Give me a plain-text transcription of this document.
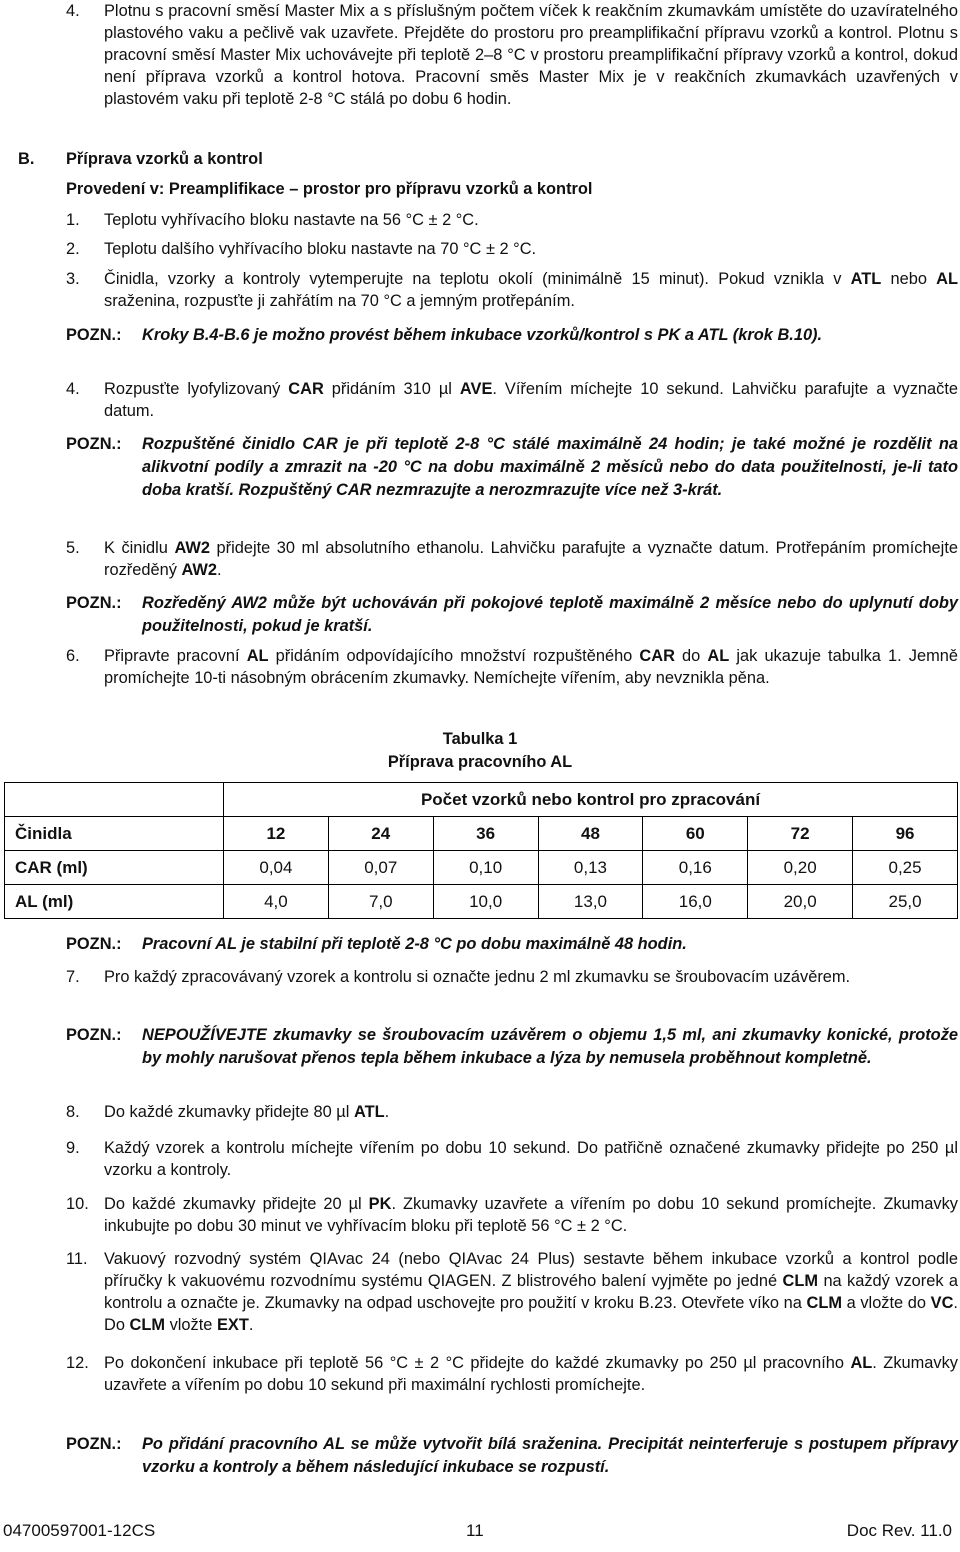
4.	Plotnu s pracovní směsí Master Mix a s příslušným počtem víček k reakčním zkumavkám umístěte do uzavíratelného plastového vaku a pečlivě vak uzavřete. Přejděte do prostoru pro preamplifikační přípravu vzorků a kontrol. Plotnu s pracovní směsí Master Mix uchovávejte při teplotě 2–8 °C v prostoru preamplifikační přípravy vzorků a kontrol, dokud není příprava vzorků a kontrol hotova. Pracovní směs Master Mix je v reakčních zkumavkách uzavřených v plastovém vaku při teplotě 2-8 °C stálá po dobu 6 hodin.
B.	Příprava vzorků a kontrol
Provedení v: Preamplifikace – prostor pro přípravu vzorků a kontrol
1.	Teplotu vyhřívacího bloku nastavte na 56 °C ± 2 °C.
2.	Teplotu dalšího vyhřívacího bloku nastavte na 70 °C ± 2 °C.
3.	Činidla, vzorky a kontroly vytemperujte na teplotu okolí (minimálně 15 minut). Pokud vznikla v ATL nebo AL sraženina, rozpusťte ji zahřátím na 70 °C a jemným protřepáním.
POZN.:	Kroky B.4-B.6 je možno provést během inkubace vzorků/kontrol s PK a ATL (krok B.10).
4.	Rozpusťte lyofylizovaný CAR přidáním 310 µl AVE. Vířením míchejte 10 sekund. Lahvičku parafujte a vyznačte datum.
POZN.:	Rozpuštěné činidlo CAR je při teplotě 2-8 °C stálé maximálně 24 hodin; je také možné je rozdělit na alikvotní podíly a zmrazit na -20 °C na dobu maximálně 2 měsíců nebo do data použitelnosti, je-li tato doba kratší. Rozpuštěný CAR nezmrazujte a nerozmrazujte více než 3-krát.
5.	K činidlu AW2 přidejte 30 ml absolutního ethanolu. Lahvičku parafujte a vyznačte datum. Protřepáním promíchejte rozředěný AW2.
POZN.:	Rozředěný AW2 může být uchováván při pokojové teplotě maximálně 2 měsíce nebo do uplynutí doby použitelnosti, pokud je kratší.
6.	Připravte pracovní AL přidáním odpovídajícího množství rozpuštěného CAR do AL jak ukazuje tabulka 1. Jemně promíchejte 10-ti násobným obrácením zkumavky. Nemíchejte vířením, aby nevznikla pěna.
Tabulka 1
Příprava pracovního AL
	Počet vzorků nebo kontrol pro zpracování						
Činidla	12	24	36	48	60	72	96
CAR (ml)	0,04	0,07	0,10	0,13	0,16	0,20	0,25
AL (ml)	4,0	7,0	10,0	13,0	16,0	20,0	25,0
POZN.:	Pracovní AL je stabilní při teplotě 2-8 °C po dobu maximálně 48 hodin.
7.	Pro každý zpracovávaný vzorek a kontrolu si označte jednu 2 ml zkumavku se šroubovacím uzávěrem.
POZN.:	NEPOUŽÍVEJTE zkumavky se šroubovacím uzávěrem o objemu 1,5 ml, ani zkumavky konické, protože by mohly narušovat přenos tepla během inkubace a lýza by nemusela proběhnout kompletně.
8.	Do každé zkumavky přidejte 80 µl ATL.
9.	Každý vzorek a kontrolu míchejte vířením po dobu 10 sekund. Do patřičně označené zkumavky přidejte po 250 µl vzorku a kontroly.
10. Do každé zkumavky přidejte 20 µl PK. Zkumavky uzavřete a vířením po dobu 10 sekund promíchejte. Zkumavky inkubujte po dobu 30 minut ve vyhřívacím bloku při teplotě 56 °C ± 2 °C.
11.	Vakuový rozvodný systém QIAvac 24 (nebo QIAvac 24 Plus) sestavte během inkubace vzorků a kontrol podle příručky k vakuovému rozvodnímu systému QIAGEN. Z blistrového balení vyjměte po jedné CLM na každý vzorek a kontrolu a označte je. Zkumavky na odpad uschovejte pro použití v kroku B.23. Otevřete víko na CLM a vložte do VC. Do CLM vložte EXT.
12. Po dokončení inkubace při teplotě 56 °C ± 2 °C přidejte do každé zkumavky po 250 µl pracovního AL. Zkumavky uzavřete a vířením po dobu 10 sekund při maximální rychlosti promíchejte.
POZN.:	Po přidání pracovního AL se může vytvořit bílá sraženina. Precipitát neinterferuje s postupem přípravy vzorku a kontroly a během následující inkubace se rozpustí.
04700597001-12CS	11	Doc Rev. 11.0
